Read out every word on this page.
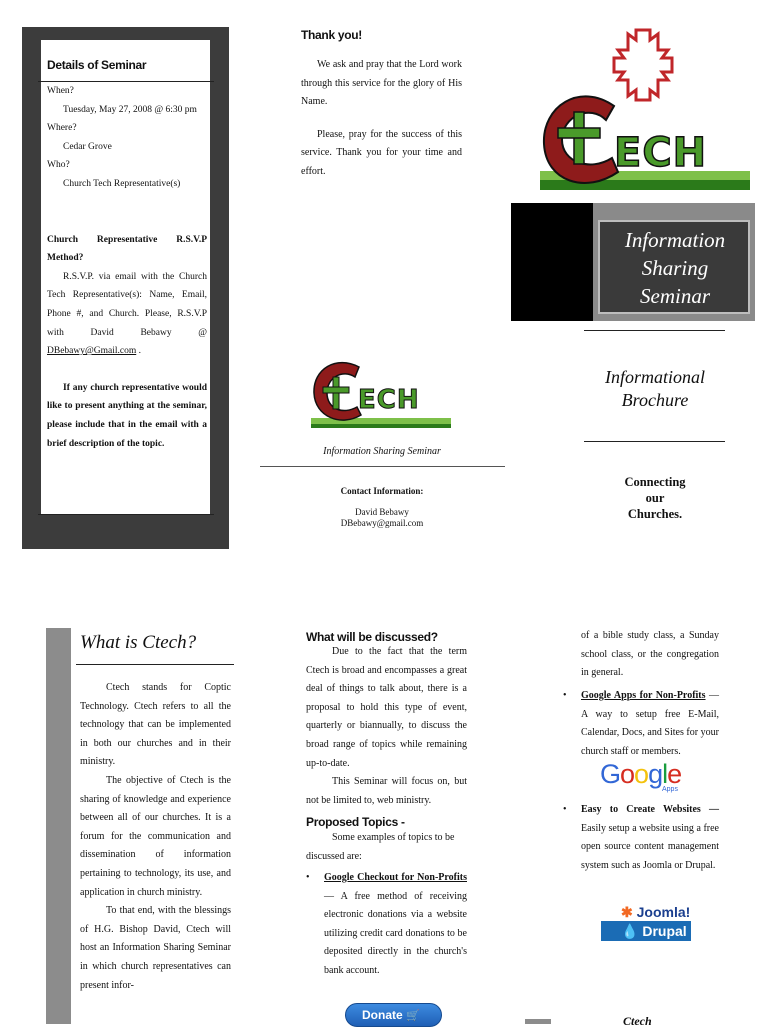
Details of Seminar
When?
Tuesday, May 27, 2008 @ 6:30 pm
Where?
Cedar Grove
Who?
Church Tech Representative(s)
Church Representative R.S.V.P Method?
R.S.V.P. via email with the Church Tech Representative(s): Name, Email, Phone #, and Church. Please, R.S.V.P with David Bebawy @ DBebawy@Gmail.com .
If any church representative would like to present anything at the seminar, please include that in the email with a brief description of the topic.
Thank you!
We ask and pray that the Lord work through this service for the glory of His Name.
Please, pray for the success of this service. Thank you for your time and effort.
ECH
Information Sharing Seminar
Contact Information:
David Bebawy
DBebawy@gmail.com
ECH
Information
Sharing
Seminar
Informational
Brochure
Connecting
our
Churches.
What is Ctech?
Ctech stands for Coptic Technology. Ctech refers to all the technology that can be implemented in both our churches and in their ministry.
The objective of Ctech is the sharing of knowledge and experience between all of our churches. It is a forum for the communication and dissemination of information pertaining to technology, its use, and application in church ministry.
To that end, with the blessings of H.G. Bishop David, Ctech will host an Information Sharing Seminar in which church representatives can present infor-
What will be discussed?
Due to the fact that the term Ctech is broad and encompasses a great deal of things to talk about, there is a proposal to hold this type of event, quarterly or biannually, to discuss the broad range of topics while remaining up-to-date.
This Seminar will focus on, but not be limited to, web ministry.
Proposed Topics -
Some examples of topics to be discussed are:
• Google Checkout for Non-Profits — A free method of receiving electronic donations via a website utilizing credit card donations to be deposited directly in the church's bank account.
Donate 🛒
of a bible study class, a Sunday school class, or the congregation in general.
• Google Apps for Non-Profits — A way to setup free E-Mail, Calendar, Docs, and Sites for your church staff or members.
Google
Apps
• Easy to Create Websites — Easily setup a website using a free open source content management system such as Joomla or Drupal.
✱ Joomla!
💧 Drupal
Ctech
